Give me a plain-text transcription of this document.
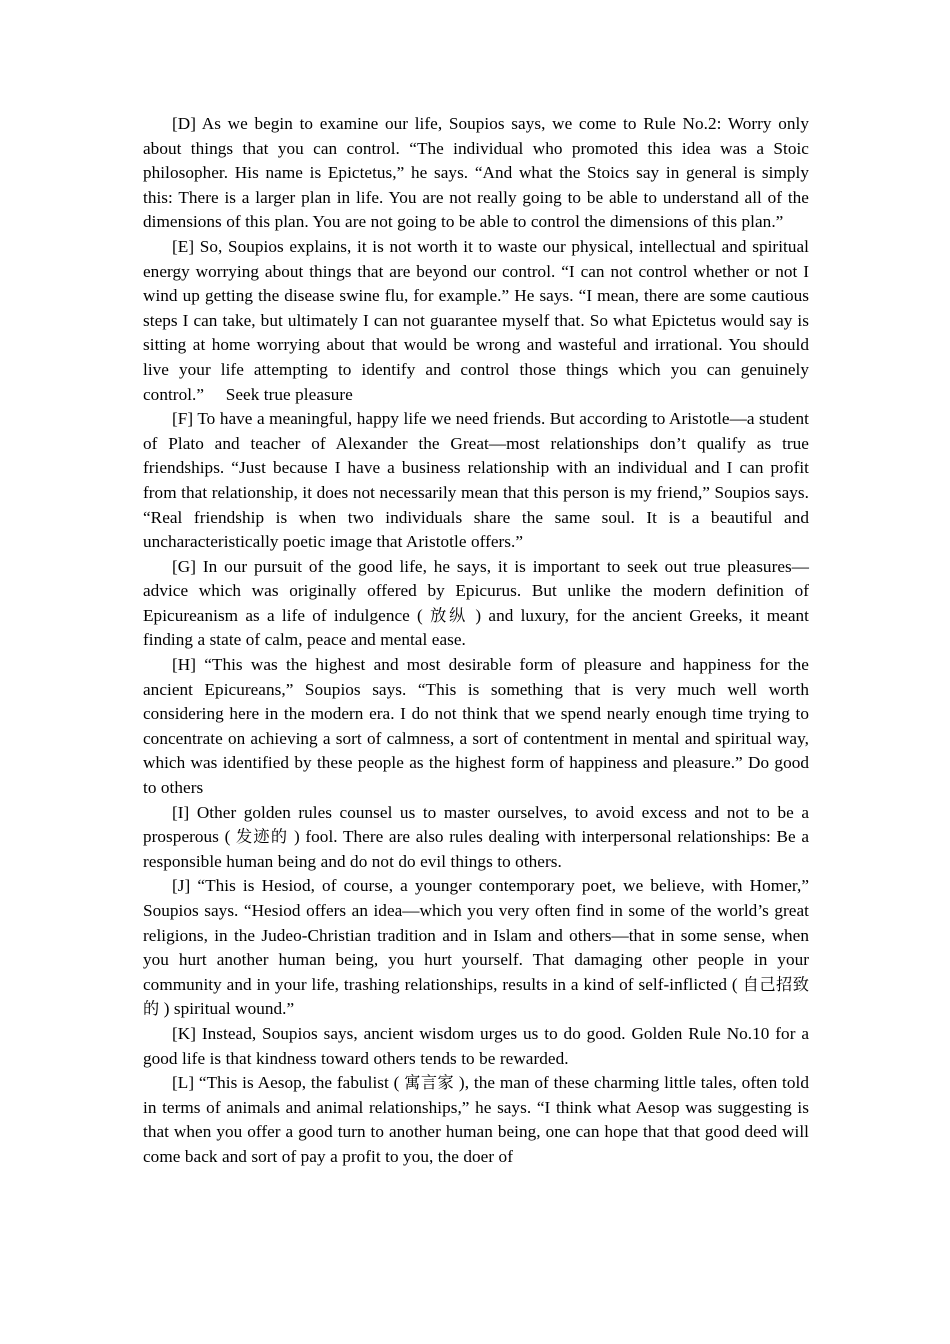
[D] As we begin to examine our life, Soupios says, we come to Rule No.2: Worry only about things that you can control. “The individual who promoted this idea was a Stoic philosopher. His name is Epictetus,” he says. “And what the Stoics say in general is simply this: There is a larger plan in life. You are not really going to be able to understand all of the dimensions of this plan. You are not going to be able to control the dimensions of this plan.”

[E] So, Soupios explains, it is not worth it to waste our physical, intellectual and spiritual energy worrying about things that are beyond our control. “I can not control whether or not I wind up getting the disease swine flu, for example.” He says. “I mean, there are some cautious steps I can take, but ultimately I can not guarantee myself that. So what Epictetus would say is sitting at home worrying about that would be wrong and wasteful and irrational. You should live your life attempting to identify and control those things which you can genuinely control.”  Seek true pleasure

[F] To have a meaningful, happy life we need friends. But according to Aristotle—a student of Plato and teacher of Alexander the Great—most relationships don’t qualify as true friendships. “Just because I have a business relationship with an individual and I can profit from that relationship, it does not necessarily mean that this person is my friend,” Soupios says. “Real friendship is when two individuals share the same soul. It is a beautiful and uncharacteristically poetic image that Aristotle offers.”

[G] In our pursuit of the good life, he says, it is important to seek out true pleasures—advice which was originally offered by Epicurus. But unlike the modern definition of Epicureanism as a life of indulgence ( 放纵 ) and luxury, for the ancient Greeks, it meant finding a state of calm, peace and mental ease.

[H] “This was the highest and most desirable form of pleasure and happiness for the ancient Epicureans,” Soupios says. “This is something that is very much well worth considering here in the modern era. I do not think that we spend nearly enough time trying to concentrate on achieving a sort of calmness, a sort of contentment in mental and spiritual way, which was identified by these people as the highest form of happiness and pleasure.” Do good to others

[I] Other golden rules counsel us to master ourselves, to avoid excess and not to be a prosperous ( 发迹的 ) fool. There are also rules dealing with interpersonal relationships: Be a responsible human being and do not do evil things to others.

[J] “This is Hesiod, of course, a younger contemporary poet, we believe, with Homer,” Soupios says. “Hesiod offers an idea—which you very often find in some of the world’s great religions, in the Judeo-Christian tradition and in Islam and others—that in some sense, when you hurt another human being, you hurt yourself. That damaging other people in your community and in your life, trashing relationships, results in a kind of self-inflicted ( 自己招致的 ) spiritual wound.”

[K] Instead, Soupios says, ancient wisdom urges us to do good. Golden Rule No.10 for a good life is that kindness toward others tends to be rewarded.

[L] “This is Aesop, the fabulist ( 寓言家 ), the man of these charming little tales, often told in terms of animals and animal relationships,” he says. “I think what Aesop was suggesting is that when you offer a good turn to another human being, one can hope that that good deed will come back and sort of pay a profit to you, the doer of
